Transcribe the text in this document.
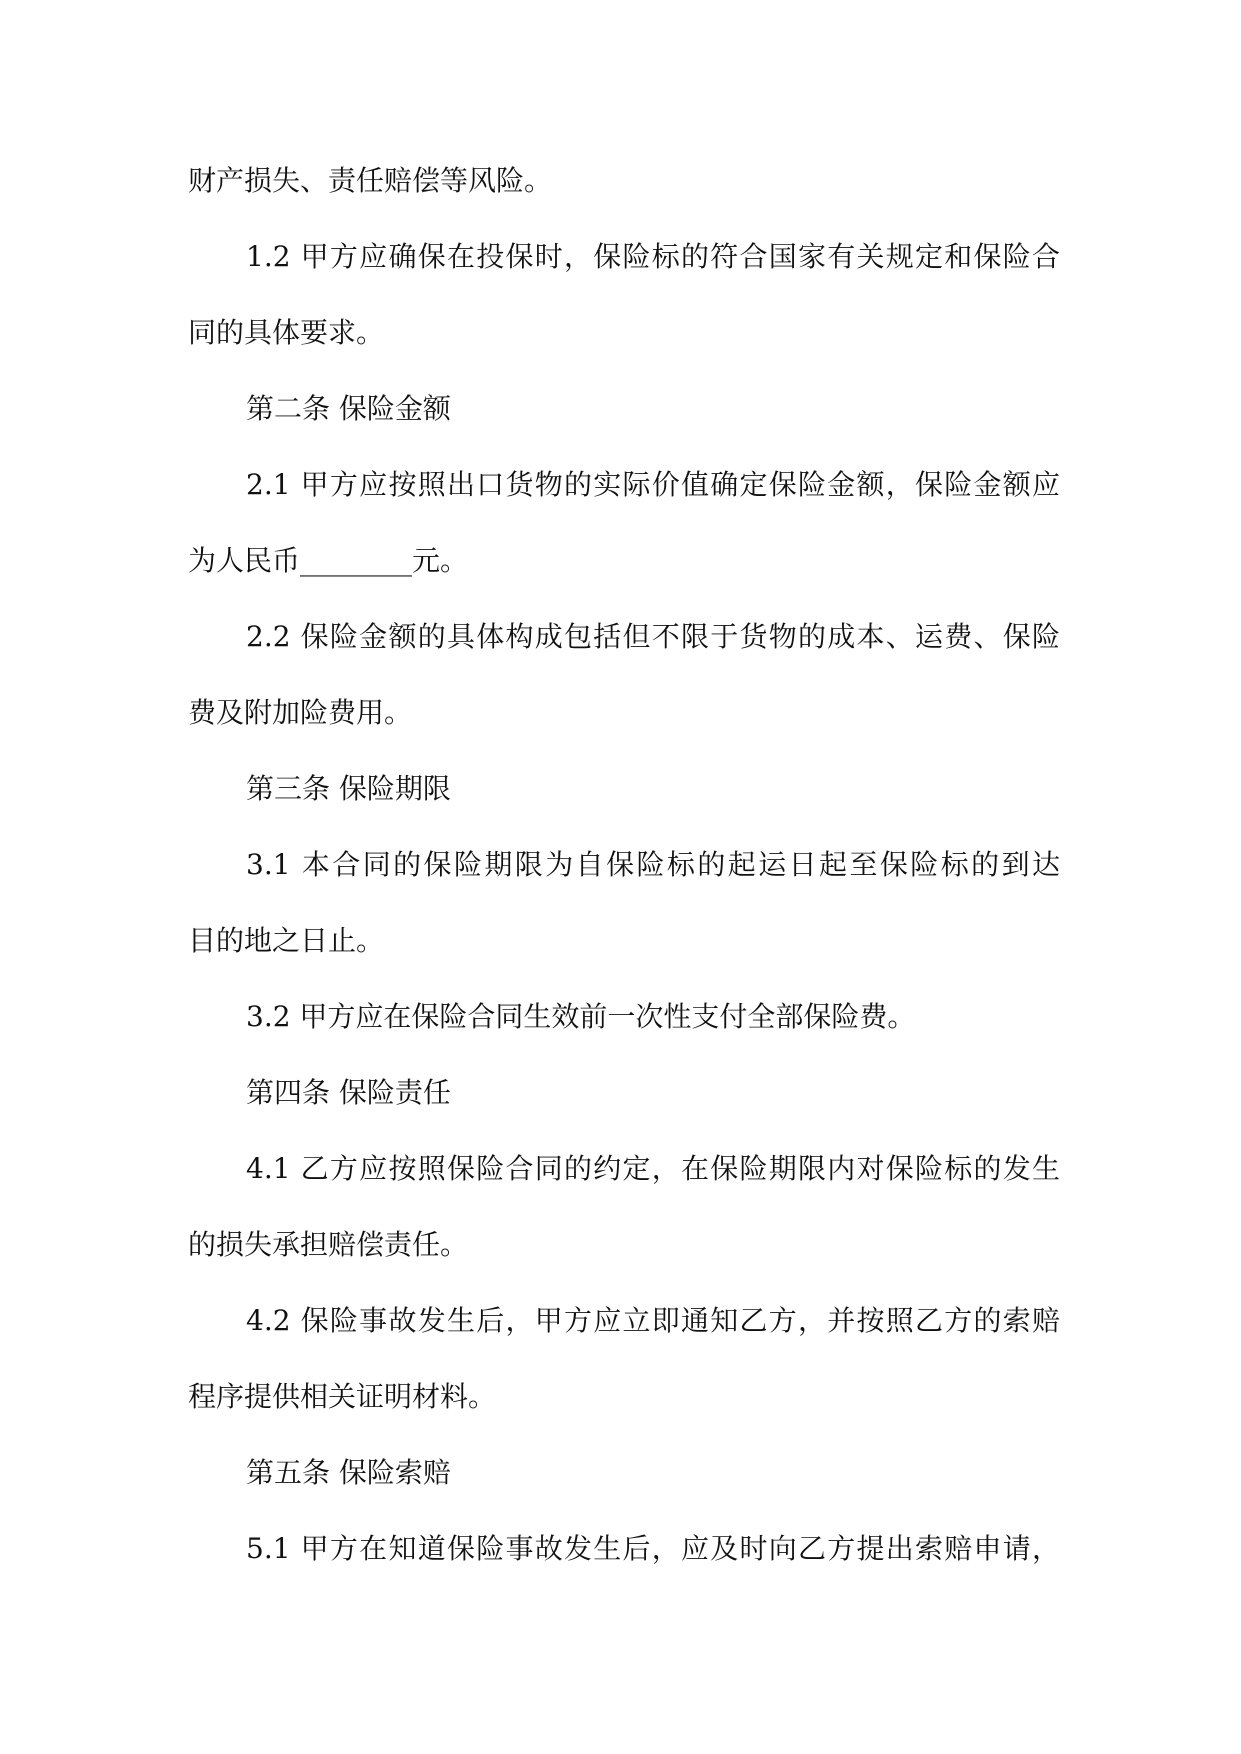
财产损失、责任赔偿等风险。
1.2 甲方应确保在投保时，保险标的符合国家有关规定和保险合
同的具体要求。
第二条 保险金额
2.1 甲方应按照出口货物的实际价值确定保险金额，保险金额应
为人民币________元。
2.2 保险金额的具体构成包括但不限于货物的成本、运费、保险
费及附加险费用。
第三条 保险期限
3.1 本合同的保险期限为自保险标的起运日起至保险标的到达
目的地之日止。
3.2 甲方应在保险合同生效前一次性支付全部保险费。
第四条 保险责任
4.1 乙方应按照保险合同的约定，在保险期限内对保险标的发生
的损失承担赔偿责任。
4.2 保险事故发生后，甲方应立即通知乙方，并按照乙方的索赔
程序提供相关证明材料。
第五条 保险索赔
5.1 甲方在知道保险事故发生后，应及时向乙方提出索赔申请，
